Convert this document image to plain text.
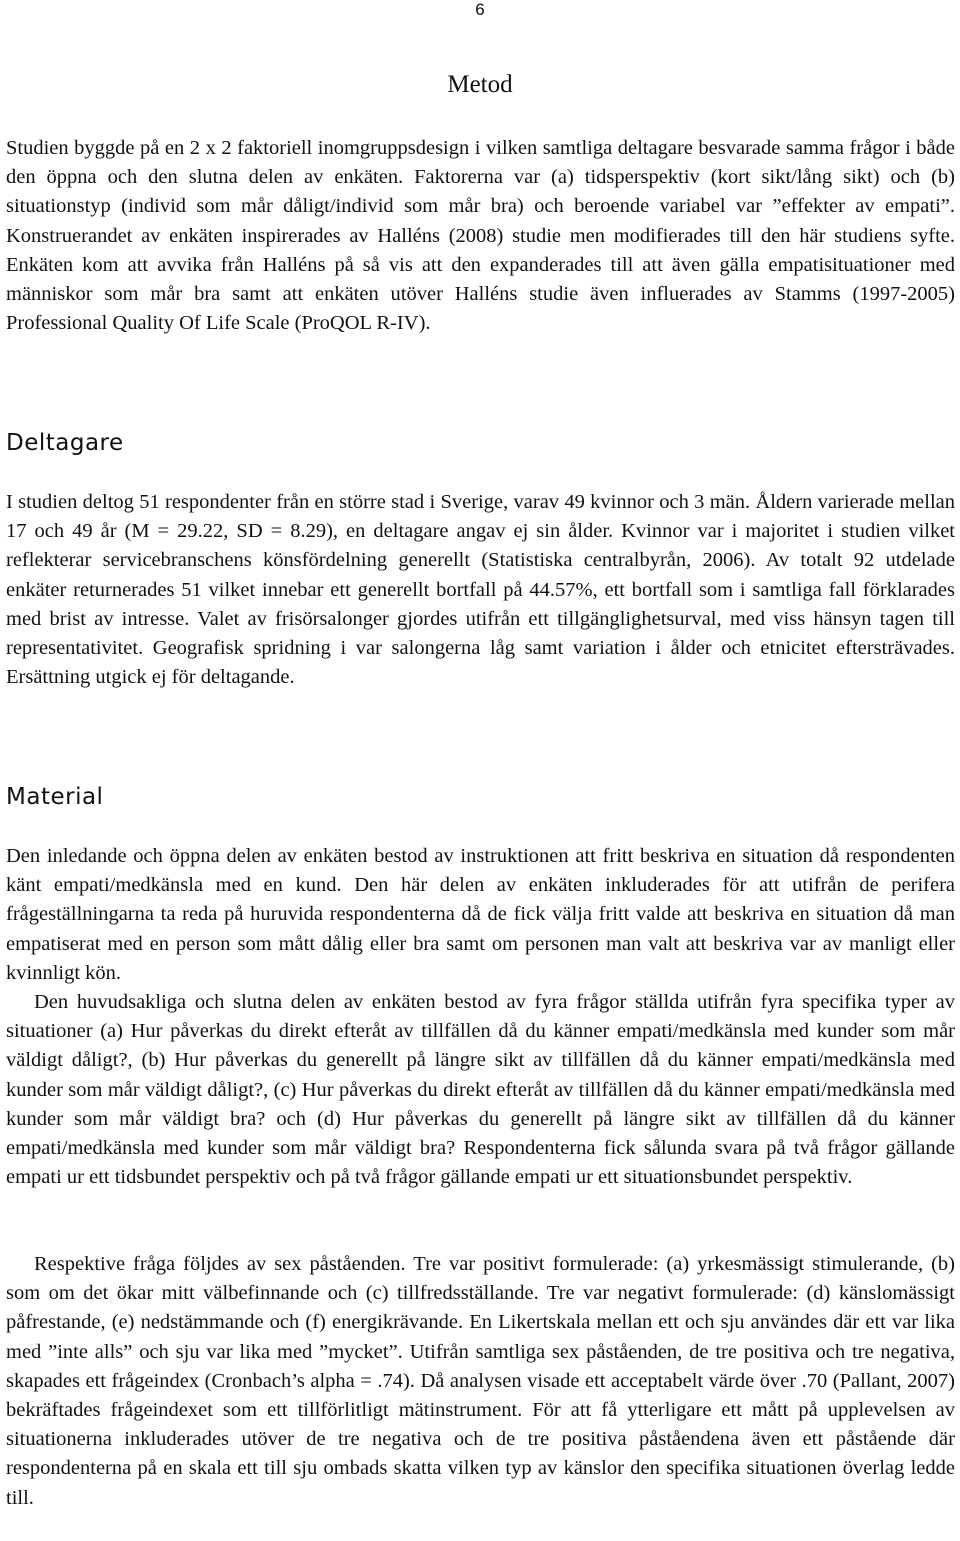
6
Metod

Studien byggde på en 2 x 2 faktoriell inomgruppsdesign i vilken samtliga deltagare besvarade samma frågor i både den öppna och den slutna delen av enkäten. Faktorerna var (a) tidsperspektiv (kort sikt/lång sikt) och (b) situationstyp (individ som mår dåligt/individ som mår bra) och beroende variabel var ”effekter av empati”. Konstruerandet av enkäten inspirerades av Halléns (2008) studie men modifierades till den här studiens syfte. Enkäten kom att avvika från Halléns på så vis att den expanderades till att även gälla empatisituationer med människor som mår bra samt att enkäten utöver Halléns studie även influerades av Stamms (1997-2005) Professional Quality Of Life Scale (ProQOL R-IV).

Deltagare

I studien deltog 51 respondenter från en större stad i Sverige, varav 49 kvinnor och 3 män. Åldern varierade mellan 17 och 49 år (M = 29.22, SD = 8.29), en deltagare angav ej sin ålder. Kvinnor var i majoritet i studien vilket reflekterar servicebranschens könsfördelning generellt (Statistiska centralbyrån, 2006). Av totalt 92 utdelade enkäter returnerades 51 vilket innebar ett generellt bortfall på 44.57%, ett bortfall som i samtliga fall förklarades med brist av intresse. Valet av frisörsalonger gjordes utifrån ett tillgänglighetsurval, med viss hänsyn tagen till representativitet. Geografisk spridning i var salongerna låg samt variation i ålder och etnicitet eftersträvades. Ersättning utgick ej för deltagande.

Material

Den inledande och öppna delen av enkäten bestod av instruktionen att fritt beskriva en situation då respondenten känt empati/medkänsla med en kund. Den här delen av enkäten inkluderades för att utifrån de perifera frågeställningarna ta reda på huruvida respondenterna då de fick välja fritt valde att beskriva en situation då man empatiserat med en person som mått dålig eller bra samt om personen man valt att beskriva var av manligt eller kvinnligt kön.

Den huvudsakliga och slutna delen av enkäten bestod av fyra frågor ställda utifrån fyra specifika typer av situationer (a) Hur påverkas du direkt efteråt av tillfällen då du känner empati/medkänsla med kunder som mår väldigt dåligt?, (b) Hur påverkas du generellt på längre sikt av tillfällen då du känner empati/medkänsla med kunder som mår väldigt dåligt?, (c) Hur påverkas du direkt efteråt av tillfällen då du känner empati/medkänsla med kunder som mår väldigt bra? och (d) Hur påverkas du generellt på längre sikt av tillfällen då du känner empati/medkänsla med kunder som mår väldigt bra? Respondenterna fick sålunda svara på två frågor gällande empati ur ett tidsbundet perspektiv och på två frågor gällande empati ur ett situationsbundet perspektiv.

Respektive fråga följdes av sex påståenden. Tre var positivt formulerade: (a) yrkesmässigt stimulerande, (b) som om det ökar mitt välbefinnande och (c) tillfredsställande. Tre var negativt formulerade: (d) känslomässigt påfrestande, (e) nedstämmande och (f) energikrävande. En Likertskala mellan ett och sju användes där ett var lika med ”inte alls” och sju var lika med ”mycket”. Utifrån samtliga sex påståenden, de tre positiva och tre negativa, skapades ett frågeindex (Cronbach’s alpha = .74). Då analysen visade ett acceptabelt värde över .70 (Pallant, 2007) bekräftades frågeindexet som ett tillförlitligt mätinstrument. För att få ytterligare ett mått på upplevelsen av situationerna inkluderades utöver de tre negativa och de tre positiva påståendena även ett påstående där respondenterna på en skala ett till sju ombads skatta vilken typ av känslor den specifika situationen överlag ledde till.
